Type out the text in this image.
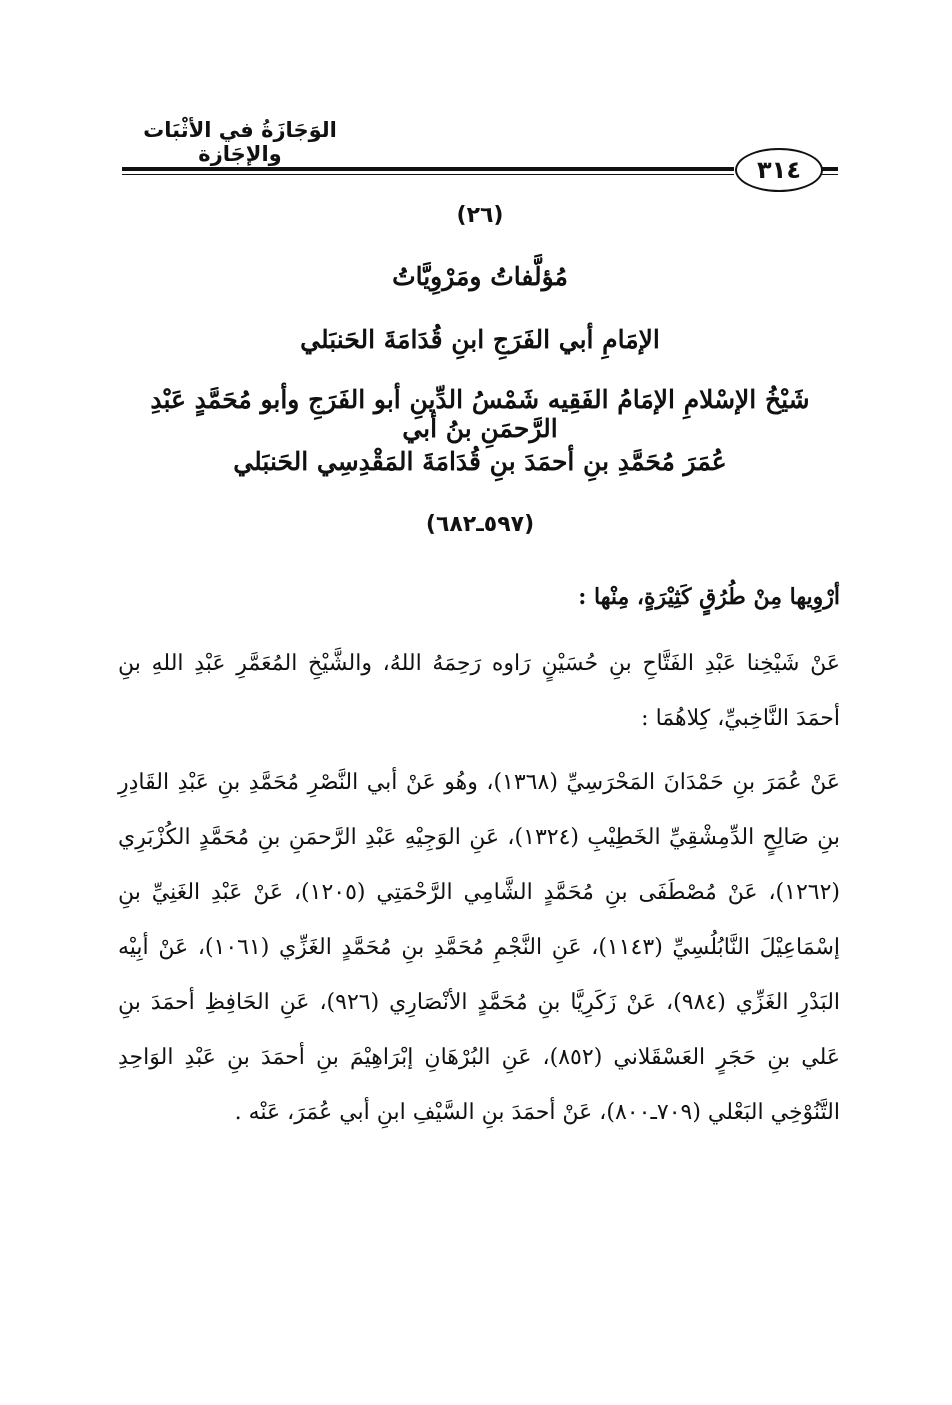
الوَجَازَةُ في الأثْبَات والإجَازة
٣١٤
(٢٦)
مُؤلَّفاتُ ومَرْوِيَّاتُ
الإمَامِ أبي الفَرَجِ ابنِ قُدَامَةَ الحَنبَلي
شَيْخُ الإسْلامِ الإمَامُ الفَقِيه شَمْسُ الدِّينِ أبو الفَرَجِ وأبو مُحَمَّدٍ عَبْدِ الرَّحمَنِ بنُ أبي
عُمَرَ مُحَمَّدِ بنِ أحمَدَ بنِ قُدَامَةَ المَقْدِسِي الحَنبَلي
(٥٩٧ـ٦٨٢)
أرْوِيها مِنْ طُرُقٍ كَثِيْرَةٍ، مِنْها :
عَنْ شَيْخِنا عَبْدِ الفَتَّاحِ بنِ حُسَيْنٍ رَاوه رَحِمَهُ اللهُ، والشَّيْخِ المُعَمَّرِ عَبْدِ اللهِ بنِ أحمَدَ النَّاخِبيِّ، كِلاهُمَا :
عَنْ عُمَرَ بنِ حَمْدَانَ المَحْرَسِيِّ (١٣٦٨)، وهُو عَنْ أبي النَّصْرِ مُحَمَّدِ بنِ عَبْدِ القَادِرِ بنِ صَالِحٍ الدِّمِشْقِيِّ الخَطِيْبِ (١٣٢٤)، عَنِ الوَجِيْهِ عَبْدِ الرَّحمَنِ بنِ مُحَمَّدٍ الكُزْبَرِي (١٢٦٢)، عَنْ مُصْطَفَى بنِ مُحَمَّدٍ الشَّامِي الرَّحْمَتِي (١٢٠٥)، عَنْ عَبْدِ الغَنِيِّ بنِ إسْمَاعِيْلَ النَّابُلُسِيِّ (١١٤٣)، عَنِ النَّجْمِ مُحَمَّدِ بنِ مُحَمَّدٍ الغَزِّي (١٠٦١)، عَنْ أبِيْه البَدْرِ الغَزِّي (٩٨٤)، عَنْ زَكَرِيَّا بنِ مُحَمَّدٍ الأنْصَارِي (٩٢٦)، عَنِ الحَافِظِ أحمَدَ بنِ عَلي بنِ حَجَرٍ العَسْقَلاني (٨٥٢)، عَنِ البُرْهَانِ إبْرَاهِيْمَ بنِ أحمَدَ بنِ عَبْدِ الوَاحِدِ التَّنُوْخِي البَعْلي (٧٠٩ـ٨٠٠)، عَنْ أحمَدَ بنِ السَّيْفِ ابنِ أبي عُمَرَ، عَنْه .
